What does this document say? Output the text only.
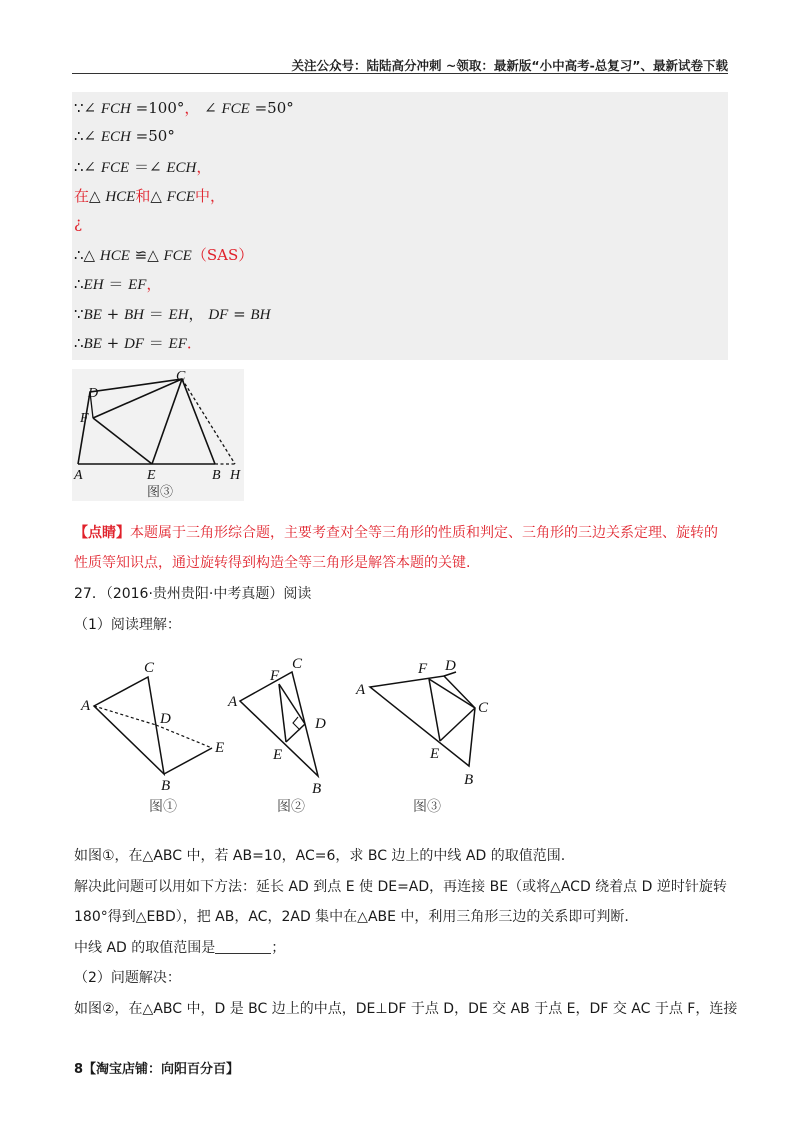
关注公众号：陆陆高分冲刺 ~领取：最新版“小中高考-总复习”、最新试卷下载
∵∠ FCH =100°， ∠ FCE =50°
∴∠ ECH =50°
∴∠ FCE ＝∠ ECH，
在△ HCE和△ FCE中，
¿
∴△ HCE ≌△ FCE（SAS）
∴EH ＝ EF，
∵BE + BH ＝ EH， DF = BH
∴BE + DF ＝ EF．
D
F
C
A	E	B H
图③
【点睛】本题属于三角形综合题，主要考查对全等三角形的性质和判定、三角形的三边关系定理、旋转的性质等知识点，通过旋转得到构造全等三角形是解答本题的关键.
27．（2016·贵州贵阳·中考真题）阅读
（1）阅读理解：
C
A
D
E
B
C
F
A
D
E
B
F D
A
C
E
B
图①	图②	图③
如图①，在△ABC 中，若 AB=10，AC=6，求 BC 边上的中线 AD 的取值范围.
解决此问题可以用如下方法：延长 AD 到点 E 使 DE=AD，再连接 BE（或将△ACD 绕着点 D 逆时针旋转
180°得到△EBD），把 AB，AC，2AD 集中在△ABE 中，利用三角形三边的关系即可判断.
中线 AD 的取值范围是	；
（2）问题解决：
如图②，在△ABC 中，D 是 BC 边上的中点，DE⊥DF 于点 D，DE 交 AB 于点 E，DF 交 AC 于点 F，连接
8【淘宝店铺：向阳百分百】
